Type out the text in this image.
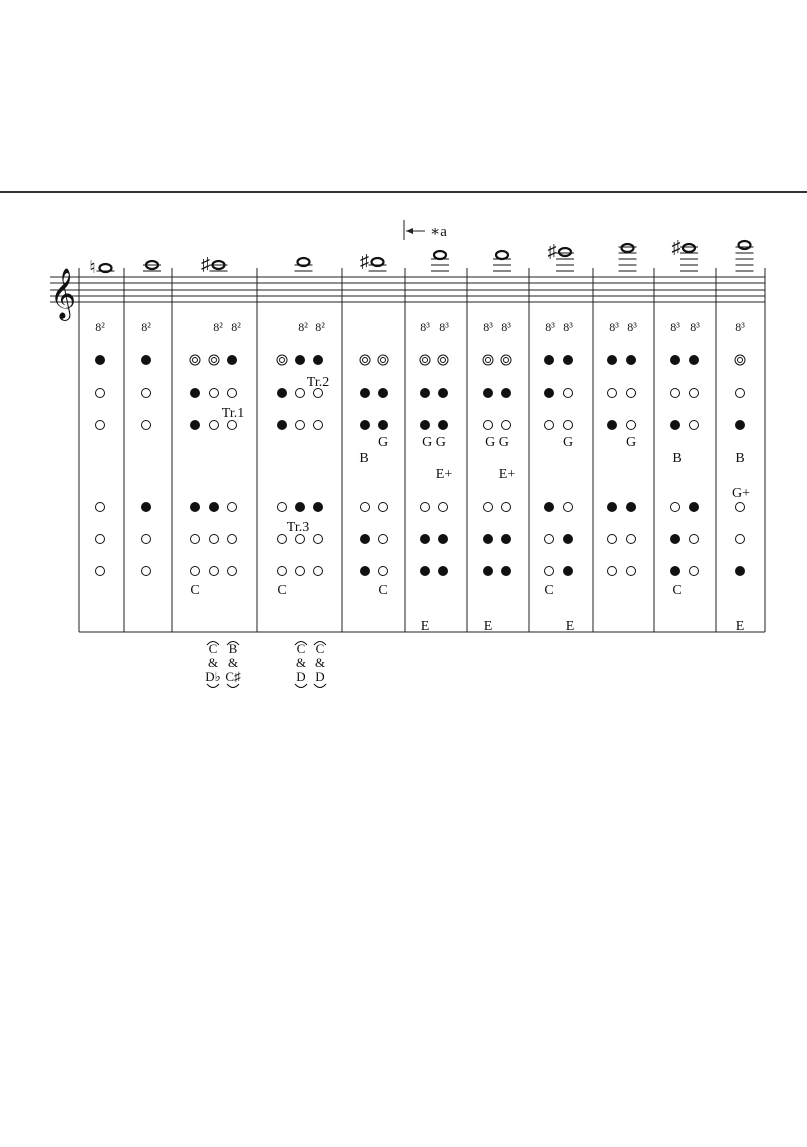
𝄞
∗a
♮
8²	8²
♯
8² 8²
Tr.1
C
C
&
D♭
B
&
C♯
8² 8²
Tr.2
Tr.3
C
C
&
D
C
&
D
♯
G
B
C
8³ 8³
G G
E+
E
8³ 8³
G G
E+
E
♯
8³ 8³
G
C
E
8³ 8³
G
♯
8³ 8³
B
C
8³
B
G+
E
